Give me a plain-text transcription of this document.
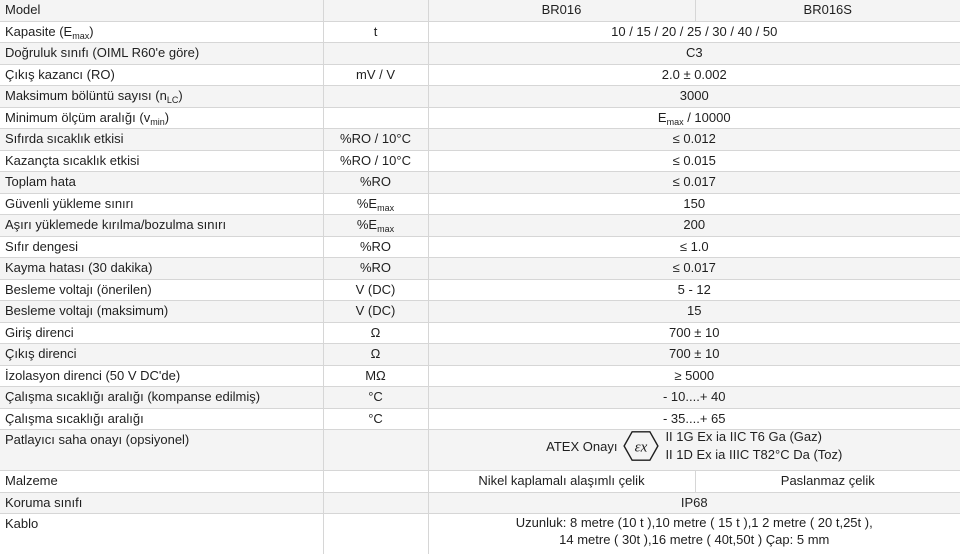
Model		BR016	BR016S
Kapasite $(E_{max})$	t	10 / 15 / 20 / 25 / 30 / 40 / 50	
Doğruluk sınıfı (OIML R60'e göre)		C3	
Çıkış kazancı (RO)	mV / V	2.0 ± 0.002	
Maksimum bölüntü sayısı $(n_{LC})$		3000	
Minimum ölçüm aralığı $(v_{min})$		$E_{max} / 10000$	
Sıfırda sıcaklık etkisi	%RO / 10°C	≤ 0.012	
Kazançta sıcaklık etkisi	%RO / 10°C	≤ 0.015	
Toplam hata	%RO	≤ 0.017	
Güvenli yükleme sınırı	$\%E_{max}$	150	
Aşırı yüklemede kırılma/bozulma sınırı	$\%E_{max}$	200	
Sıfır dengesi	%RO	≤ 1.0	
Kayma hatası (30 dakika)	%RO	≤ 0.017	
Besleme voltajı (önerilen)	V (DC)	5 - 12	
Besleme voltajı (maksimum)	V (DC)	15	
Giriş direnci	Ω	700 ± 10	
Çıkış direnci	Ω	700 ± 10	
İzolasyon direnci (50 V DC'de)	MΩ	≥ 5000	
Çalışma sıcaklığı aralığı (kompanse edilmiş)	°C	- 10....+ 40	
Çalışma sıcaklığı aralığı	°C	- 35....+ 65	
Patlayıcı saha onayı (opsiyonel)		ATEX Onayı εx
II 1G Ex ia IIC T6 Ga (Gaz)
II 1D Ex ia IIIC T82°C Da (Toz)	

Malzeme		Nikel kaplamalı alaşımlı çelik	Paslanmaz çelik
Koruma sınıfı		IP68	
Kablo		Uzunluk: 8 metre (10 t ),10 metre ( 15 t ),1 2 metre ( 20 t,25t ),
14 metre ( 30t ),16 metre ( 40t,50t ) Çap: 5 mm	
